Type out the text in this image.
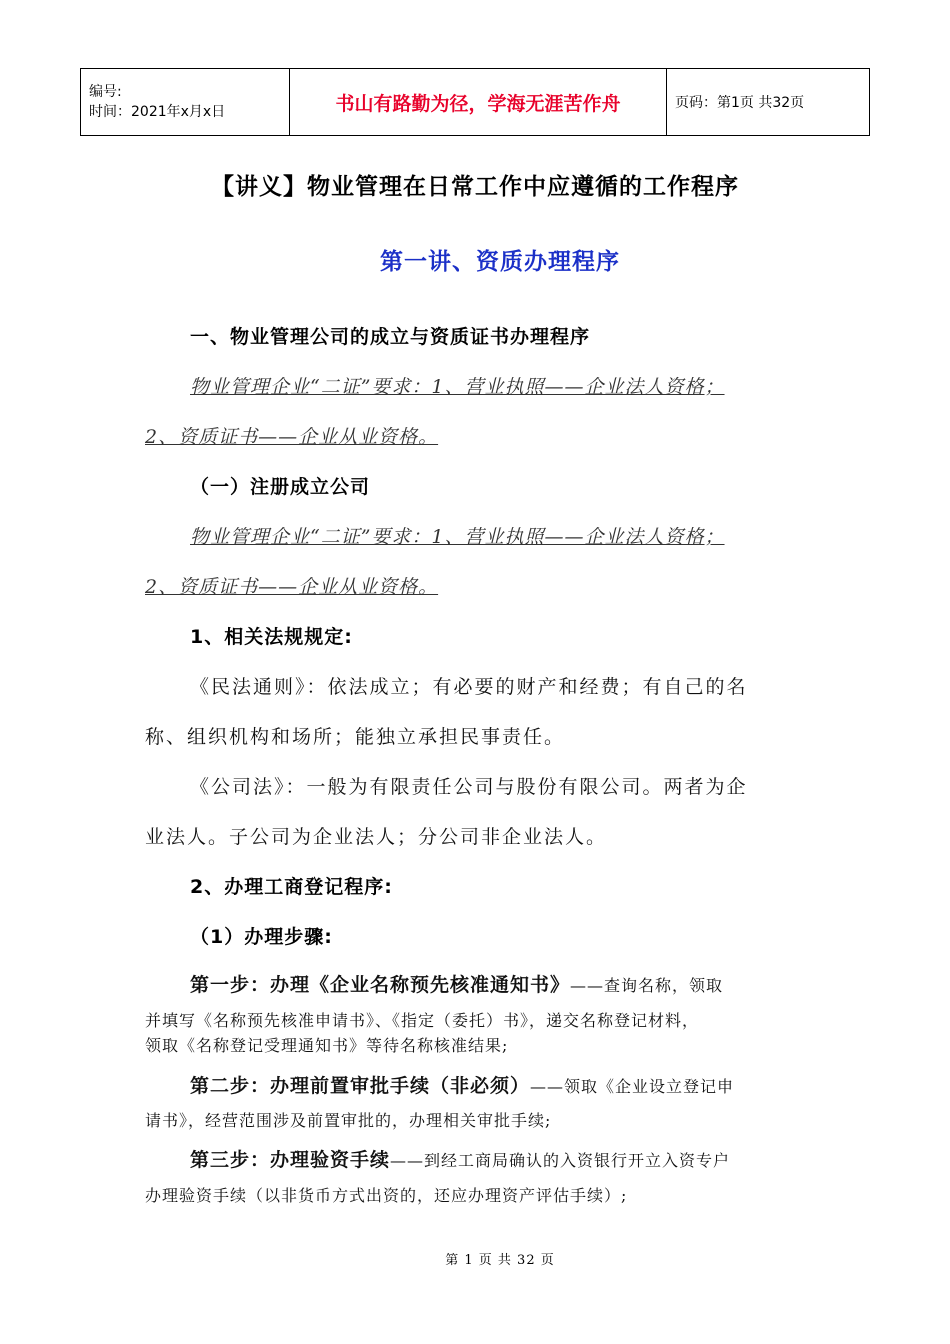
编号:
时间：2021年x月x日	书山有路勤为径，学海无涯苦作舟	页码：第1页 共32页
【讲义】物业管理在日常工作中应遵循的工作程序
第一讲、资质办理程序
一、物业管理公司的成立与资质证书办理程序
物业管理企业“二证”要求：1、营业执照——企业法人资格；
2、资质证书——企业从业资格。
（一）注册成立公司
物业管理企业“二证”要求：1、营业执照——企业法人资格；
2、资质证书——企业从业资格。
1、相关法规规定:
《民法通则》：依法成立；有必要的财产和经费；有自己的名
称、组织机构和场所；能独立承担民事责任。
《公司法》：一般为有限责任公司与股份有限公司。两者为企
业法人。子公司为企业法人；分公司非企业法人。
2、办理工商登记程序:
（1）办理步骤:
第一步：办理《企业名称预先核准通知书》——查询名称，领取
并填写《名称预先核准申请书》、《指定（委托）书》，递交名称登记材料，
领取《名称登记受理通知书》等待名称核准结果;
第二步：办理前置审批手续（非必须）——领取《企业设立登记申
请书》，经营范围涉及前置审批的，办理相关审批手续;
第三步：办理验资手续——到经工商局确认的入资银行开立入资专户
办理验资手续（以非货币方式出资的，还应办理资产评估手续）;
第 1 页 共 32 页
